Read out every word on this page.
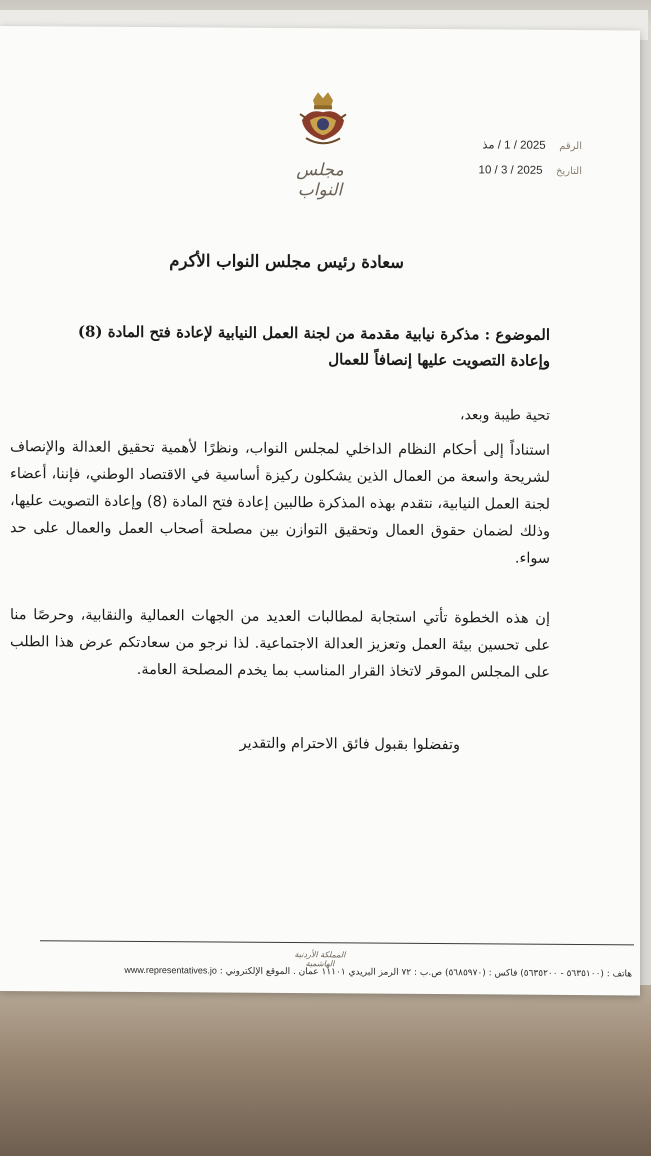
مجلس النواب
الرقم 2025 / 1 / مذ
التاريخ 2025 / 3 / 10
سعادة رئيس مجلس النواب الأكرم
الموضوع : مذكرة نيابية مقدمة من لجنة العمل النيابية لإعادة فتح المادة (8) وإعادة التصويت عليها إنصافاً للعمال
تحية طيبة وبعد،
استناداً إلى أحكام النظام الداخلي لمجلس النواب، ونظرًا لأهمية تحقيق العدالة والإنصاف لشريحة واسعة من العمال الذين يشكلون ركيزة أساسية في الاقتصاد الوطني، فإننا، أعضاء لجنة العمل النيابية، نتقدم بهذه المذكرة طالبين إعادة فتح المادة (8) وإعادة التصويت عليها، وذلك لضمان حقوق العمال وتحقيق التوازن بين مصلحة أصحاب العمل والعمال على حد سواء.
إن هذه الخطوة تأتي استجابة لمطالبات العديد من الجهات العمالية والنقابية، وحرصًا منا على تحسين بيئة العمل وتعزيز العدالة الاجتماعية. لذا نرجو من سعادتكم عرض هذا الطلب على المجلس الموقر لاتخاذ القرار المناسب بما يخدم المصلحة العامة.
وتفضلوا بقبول فائق الاحترام والتقدير
المملكة الأردنية الهاشمية
هاتف : (٥٦٣٥١٠٠ - ٥٦٣٥٢٠٠) فاكس : (٥٦٨٥٩٧٠) ص.ب : ٧٢ الرمز البريدي ١١١٠١ عمان . الموقع الإلكتروني : www.representatives.jo
